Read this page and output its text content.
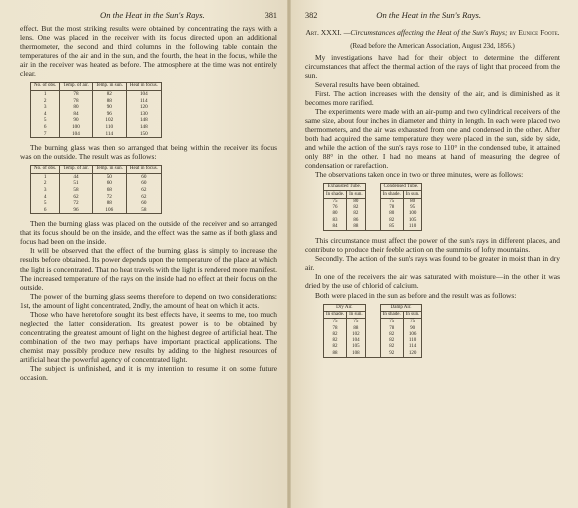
On the Heat in the Sun's Rays.	381

effect. But the most striking results were obtained by concentrating the rays with a lens. One was placed in the receiver with its focus directed upon an additional thermometer, the second and third columns in the following table contain the temperatures of the air and in the sun, and the fourth, the heat in the focus, while the air in the receiver was heated as before. The atmosphere at the time was not entirely clear.

No. of obs.	Temp. of air.	Temp. in sun.	Heat in focus.
1	78	82	104
2	78	88	114
3	80	90	120
4	84	96	130
5	90	102	148
6	100	110	148
7	104	114	150

The burning glass was then so arranged that being within the receiver its focus was on the outside. The result was as follows:

No. of obs.	Temp. of air.	Temp. in sun.	Heat in focus.
1	44	50	60
2	51	60	60
3	58	68	62
4	62	72	62
5	72	88	60
6	96	106	58

Then the burning glass was placed on the outside of the receiver and so arranged that its focus should be on the inside, and the effect was the same as if both glass and focus had been on the inside.

It will be observed that the effect of the burning glass is simply to increase the results before obtained. Its power depends upon the temperature of the place at which the light is concentrated. That no heat travels with the light is rendered more manifest. The increased temperature of the rays on the inside had no effect at their focus on the outside.

The power of the burning glass seems therefore to depend on two considerations: 1st, the amount of light concentrated, 2ndly, the amount of heat on which it acts.

Those who have heretofore sought its best effects have, it seems to me, too much neglected the latter consideration. Its greatest power is to be obtained by concentrating the greatest amount of light on the highest degree of artificial heat. The combination of the two may perhaps have important practical applications. The chemist may possibly produce new results by adding to the highest resources of artificial heat the powerful agency of concentrated light.

The subject is unfinished, and it is my intention to resume it on some future occasion.

382	On the Heat in the Sun's Rays.
Art. XXXI. —Circumstances affecting the Heat of the Sun's Rays; by Eunice Foote.
(Read before the American Association, August 23d, 1856.)

My investigations have had for their object to determine the different circumstances that affect the thermal action of the rays of light that proceed from the sun.

Several results have been obtained.

First. The action increases with the density of the air, and is diminished as it becomes more rarified.

The experiments were made with an air-pump and two cylindrical receivers of the same size, about four inches in diameter and thirty in length. In each were placed two thermometers, and the air was exhausted from one and condensed in the other. After both had acquired the same temperature they were placed in the sun, side by side, and while the action of the sun's rays rose to 110° in the condensed tube, it attained only 88° in the other. I had no means at hand of measuring the degree of condensation or rarefaction.

The observations taken once in two or three minutes, were as follows:

Exhausted Tube.			Condensed Tube.	
In shade.	In sun.		In shade.	In sun.
75	80		75	80
76	82		78	95
80	82		80	100
83	86		82	105
84	88		85	110

This circumstance must affect the power of the sun's rays in different places, and contribute to produce their feeble action on the summits of lofty mountains.

Secondly. The action of the sun's rays was found to be greater in moist than in dry air.

In one of the receivers the air was saturated with moisture—in the other it was dried by the use of chlorid of calcium.

Both were placed in the sun as before and the result was as follows:

Dry Air.			Damp Air.	
In shade.	In sun.		In shade.	In sun.
75	75		75	75
78	88		78	90
82	102		82	106
82	104		82	110
82	105		82	114
88	108		92	120
